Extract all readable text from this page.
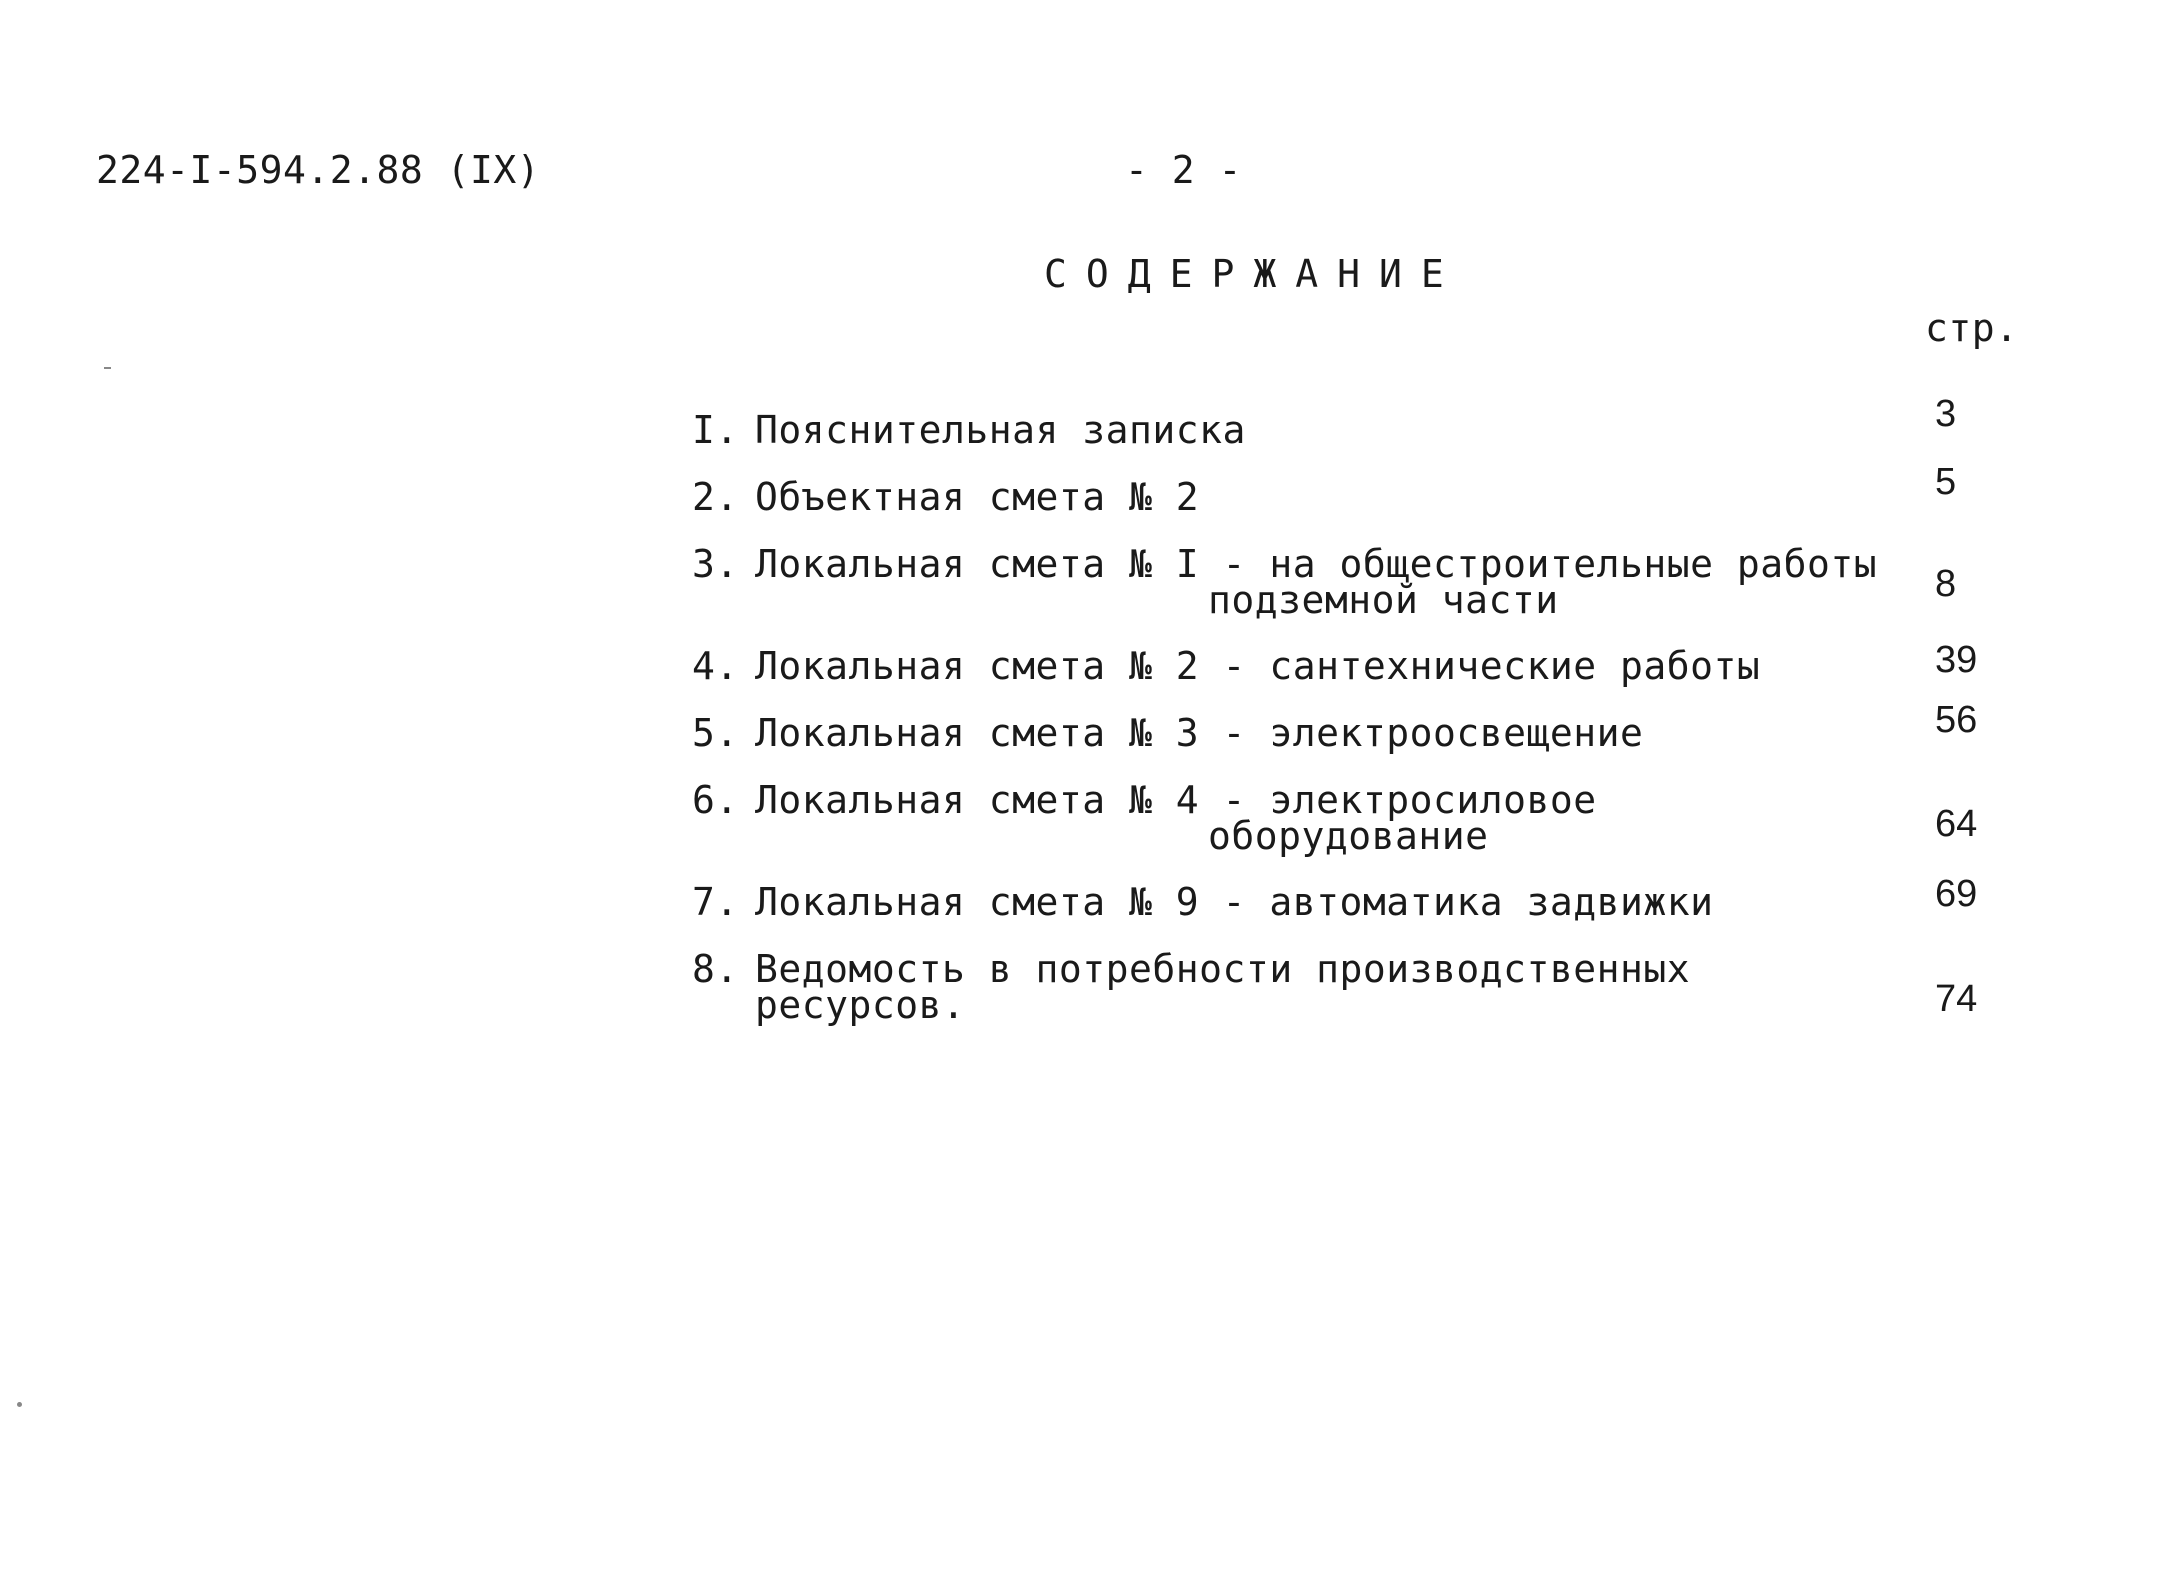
224-I-594.2.88 (IX)	- 2 -
СОДЕРЖАНИЕ
стр.
I. Пояснительная записка	3
2. Объектная смета № 2	5
3. Локальная смета № I - на общестроительные работы
подземной части	8
4. Локальная смета № 2 - сантехнические работы	39
5. Локальная смета № 3 - электроосвещение	56
6. Локальная смета № 4 - электросиловое
оборудование	64
7. Локальная смета № 9 - автоматика задвижки	69
8. Ведомость в потребности производственных
ресурсов.	74
